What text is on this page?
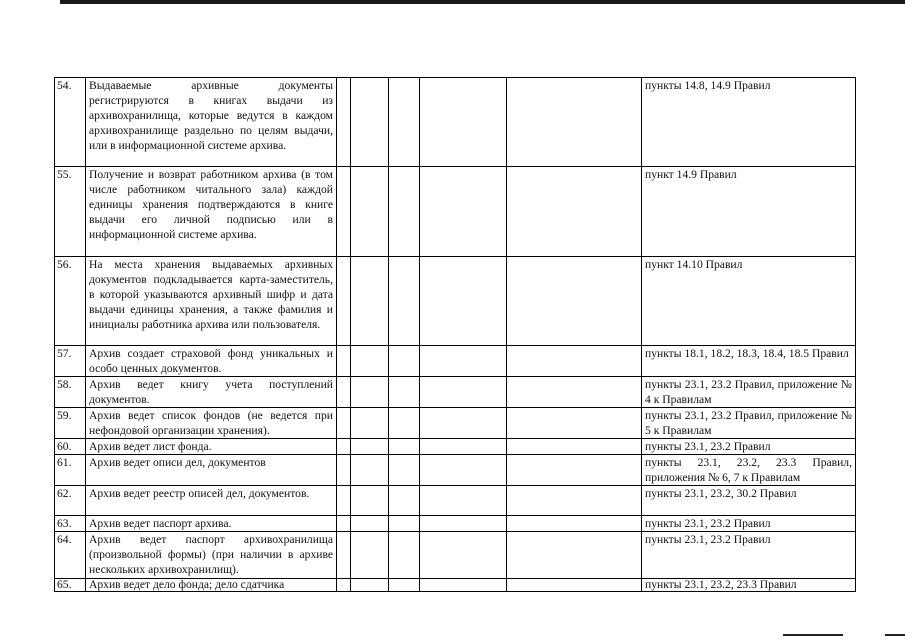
54.	Выдаваемые архивные документы регистрируются в книгах выдачи из архивохранилища, которые ведутся в каждом архивохранилище раздельно по целям выдачи, или в информационной системе архива.						пункты 14.8, 14.9 Правил
55.	Получение и возврат работником архива (в том числе работником читального зала) каждой единицы хранения подтверждаются в книге выдачи его личной подписью или в информационной системе архива.						пункт 14.9 Правил
56.	На места хранения выдаваемых архивных документов подкладывается карта-заместитель, в которой указываются архивный шифр и дата выдачи единицы хранения, а также фамилия и инициалы работника архива или пользователя.						пункт 14.10 Правил
57.	Архив создает страховой фонд уникальных и особо ценных документов.						пункты 18.1, 18.2, 18.3, 18.4, 18.5 Правил
58.	Архив ведет книгу учета поступлений документов.						пункты 23.1, 23.2 Правил, приложение № 4 к Правилам
59.	Архив ведет список фондов (не ведется при нефондовой организации хранения).						пункты 23.1, 23.2 Правил, приложение № 5 к Правилам
60.	Архив ведет лист фонда.						пункты 23.1, 23.2 Правил
61.	Архив ведет описи дел, документов						пункты 23.1, 23.2, 23.3 Правил, приложения № 6, 7 к Правилам
62.	Архив ведет реестр описей дел, документов.						пункты 23.1, 23.2, 30.2 Правил
63.	Архив ведет паспорт архива.						пункты 23.1, 23.2 Правил
64.	Архив ведет паспорт архивохранилища (произвольной формы) (при наличии в архиве нескольких архивохранилищ).						пункты 23.1, 23.2 Правил
65.	Архив ведет дело фонда; дело сдатчика						пункты 23.1, 23.2, 23.3 Правил
